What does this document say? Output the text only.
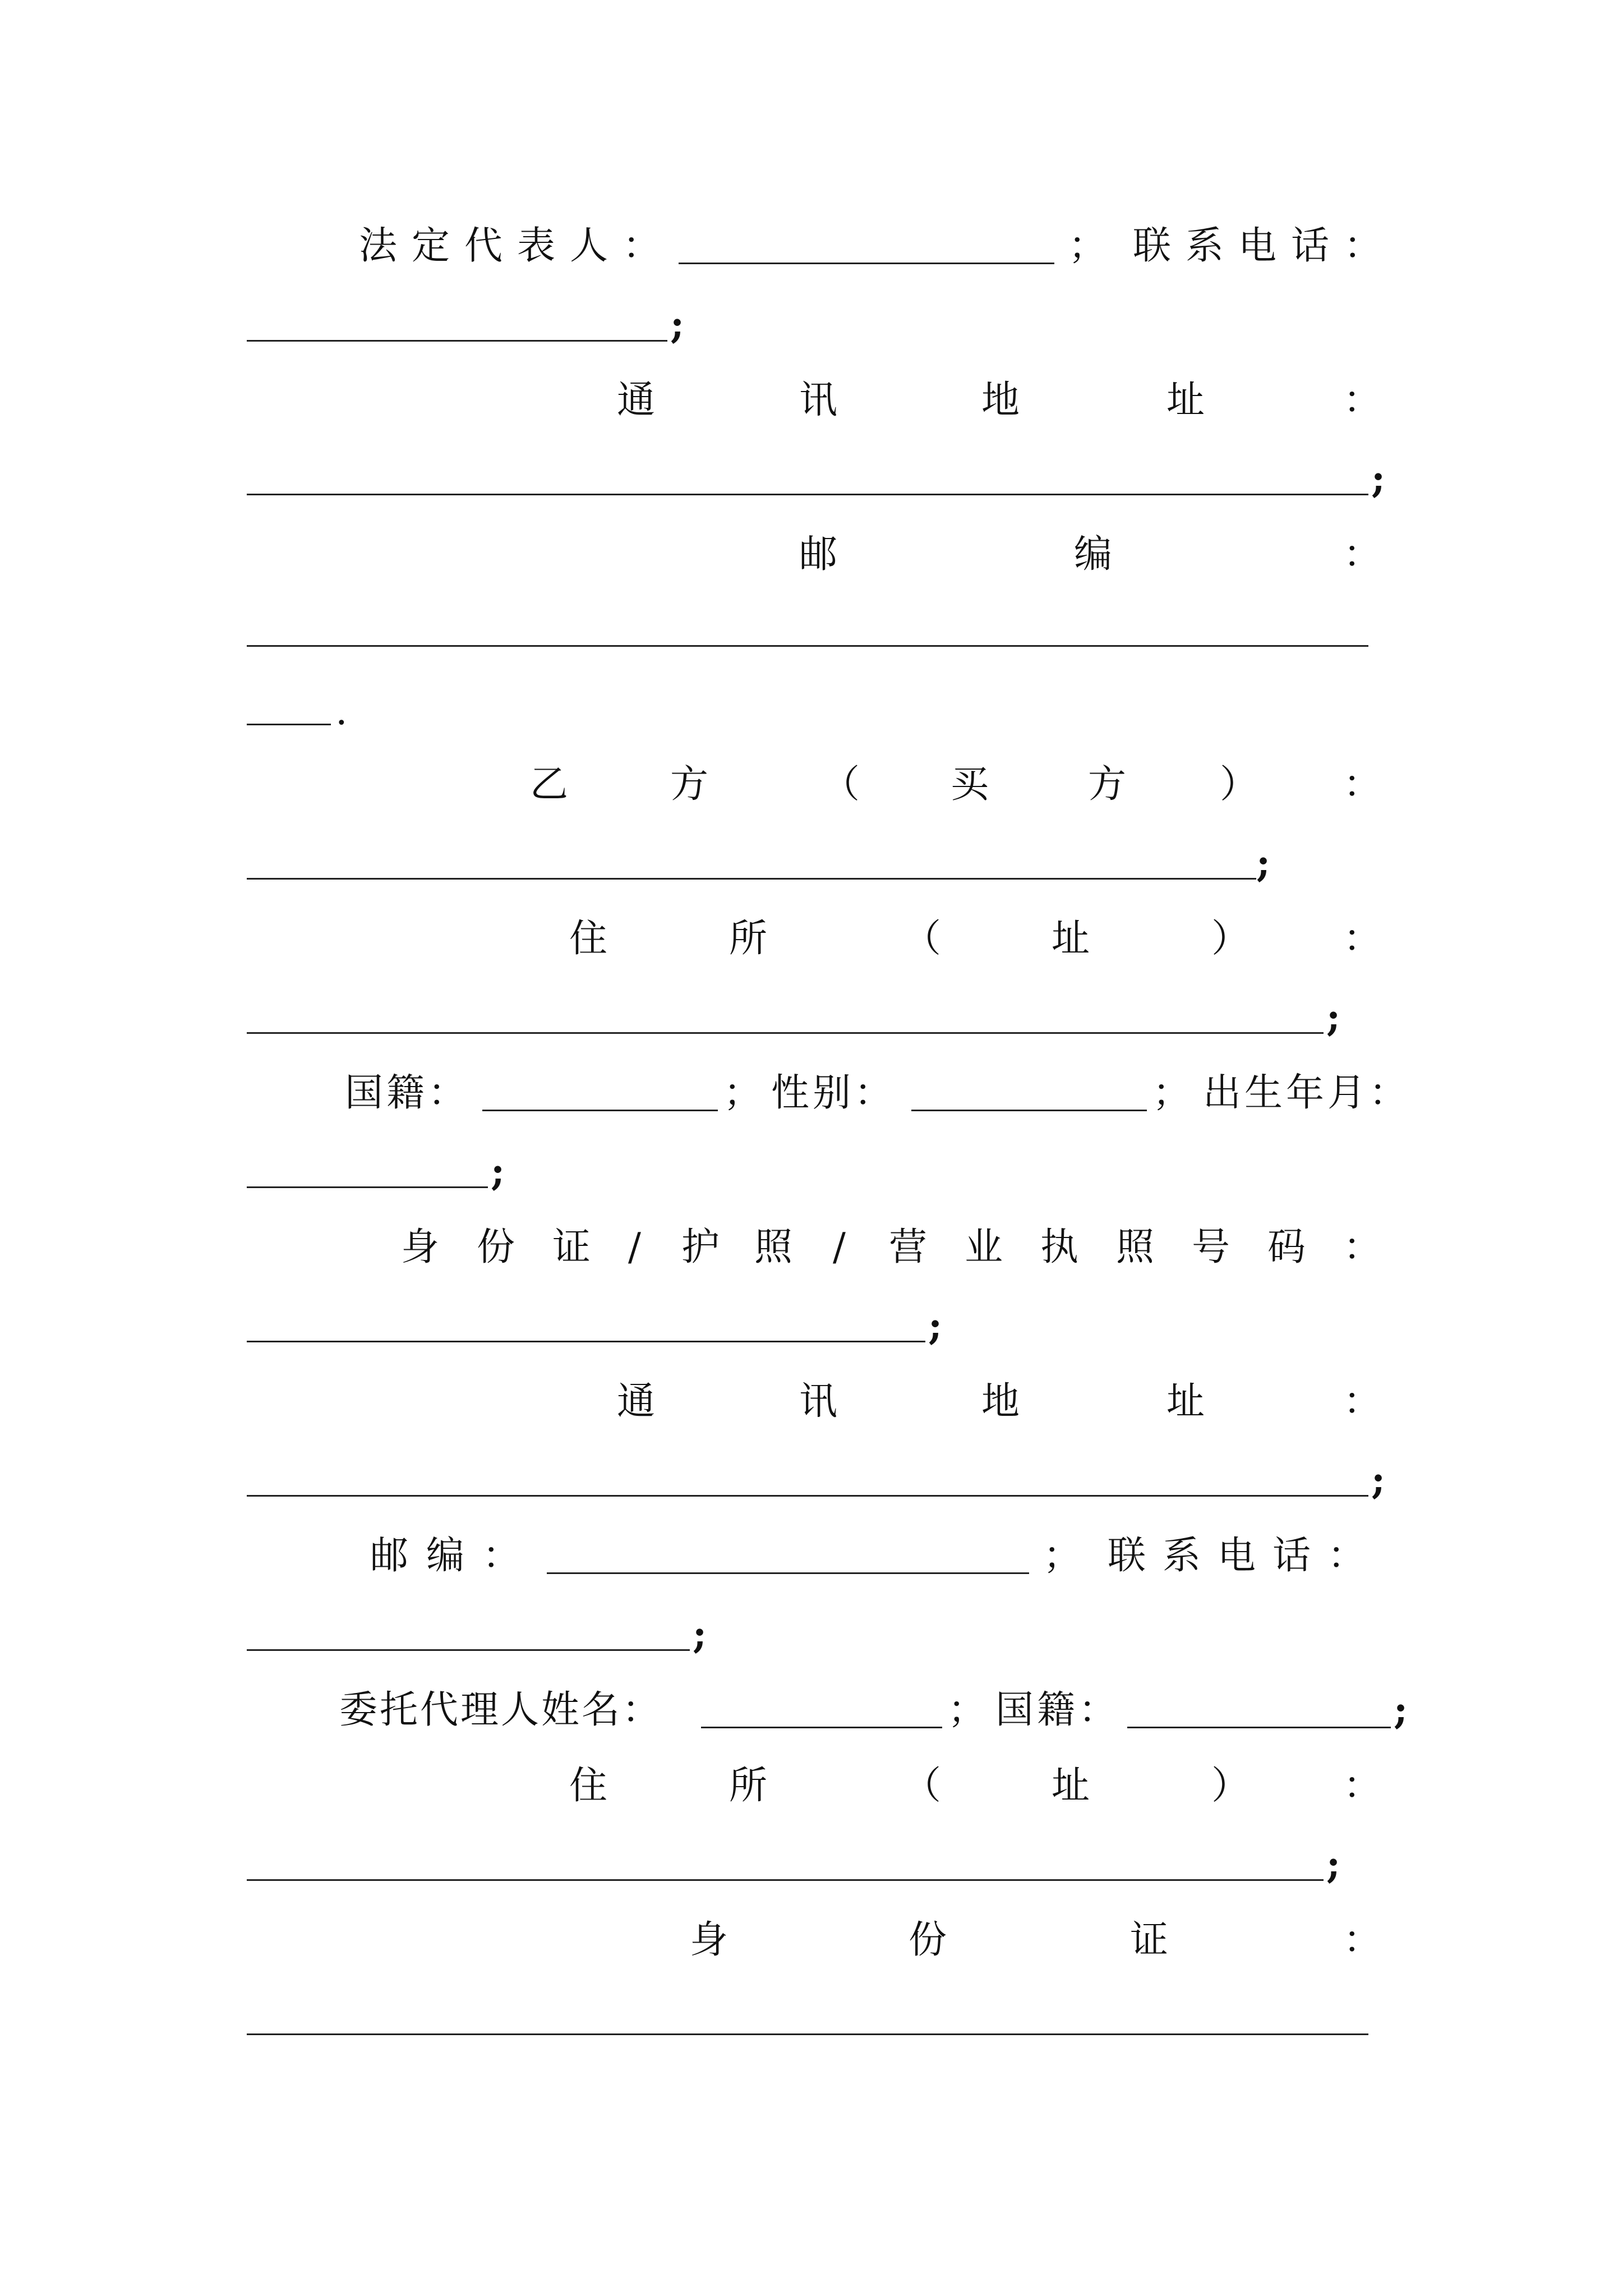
法定代表人：	； 联系电话：
;
通	讯	地	址	：
;
邮	编	：
.
乙	方	（ 买	方 ） ：
;
住	所	（	址	） ：
;
国籍：	； 性别：	； 出生年月：
;
身 份 证 / 护 照 / 营 业 执 照 号 码 ：
;
通	讯	地	址	：
;
邮编：	； 联系电话：
;
委托代理人姓名：	； 国籍：	;
住	所	（	址	） ：
;
身	份	证	：
